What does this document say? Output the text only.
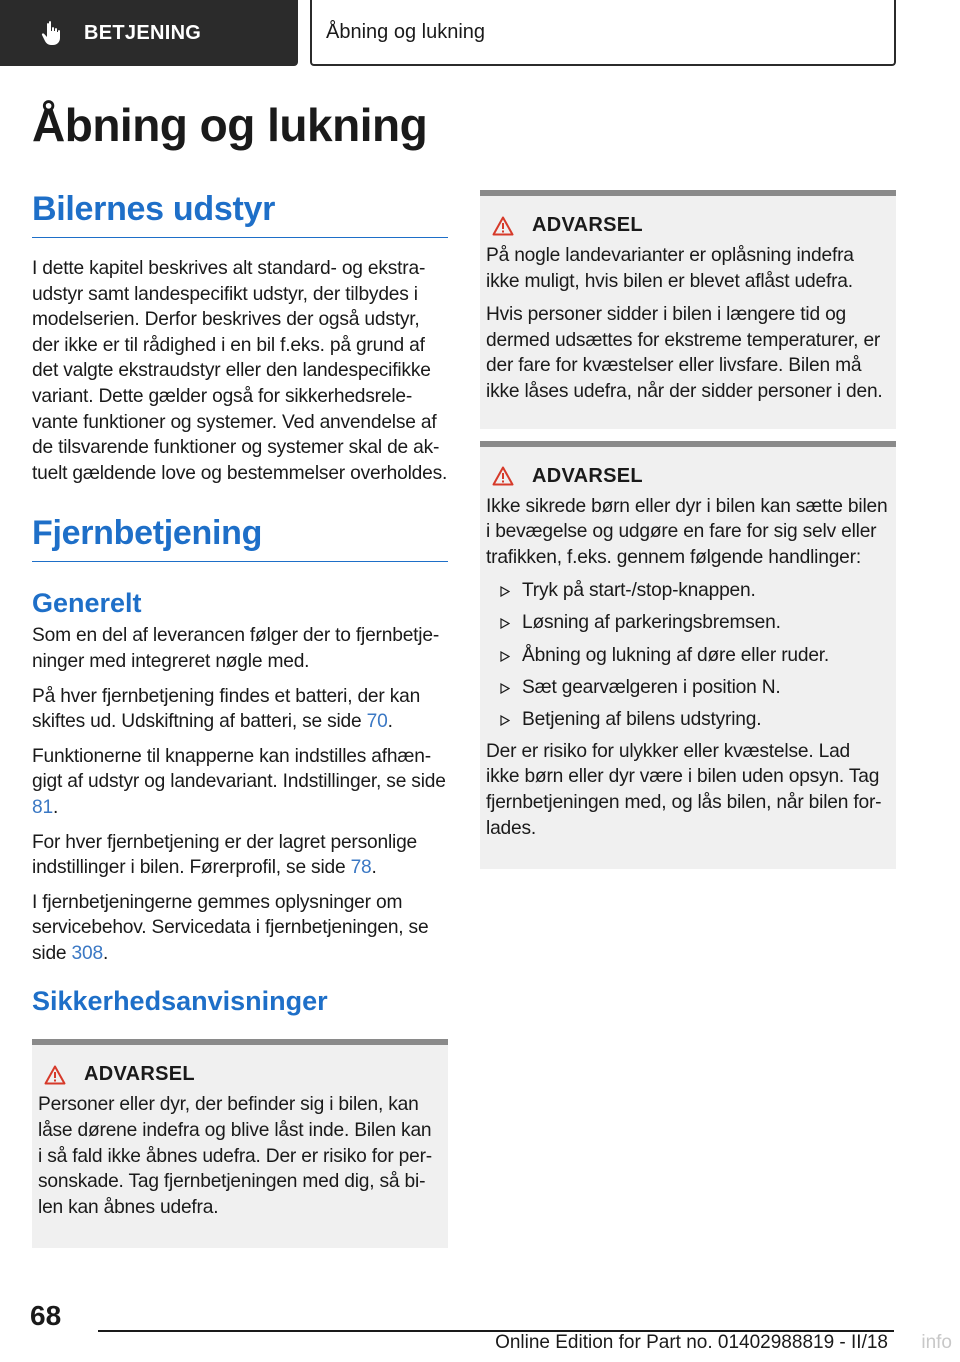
BETJENING	Åbning og lukning
Åbning og lukning
Bilernes udstyr

I dette kapitel beskrives alt standard- og ekstraudstyr samt landespecifikt udstyr, der tilbydes i modelserien. Derfor beskrives der også udstyr, der ikke er til rådighed i en bil f.eks. på grund af det valgte ekstraudstyr eller den landespecifikke variant. Dette gælder også for sikkerhedsrelevante funktioner og systemer. Ved anvendelse af de tilsvarende funktioner og systemer skal de aktuelt gældende love og bestemmelser overholdes.

Fjernbetjening
Generelt

Som en del af leverancen følger der to fjernbetjeninger med integreret nøgle med.

På hver fjernbetjening findes et batteri, der kan skiftes ud. Udskiftning af batteri, se side 70.

Funktionerne til knapperne kan indstilles afhængigt af udstyr og landevariant. Indstillinger, se side 81.

For hver fjernbetjening er der lagret personlige indstillinger i bilen. Førerprofil, se side 78.

I fjernbetjeningerne gemmes oplysninger om servicebehov. Servicedata i fjernbetjeningen, se side 308.

Sikkerhedsanvisninger
ADVARSEL

Personer eller dyr, der befinder sig i bilen, kan låse dørene indefra og blive låst inde. Bilen kan i så fald ikke åbnes udefra. Der er risiko for personskade. Tag fjernbetjeningen med dig, så bilen kan åbnes udefra.

ADVARSEL

På nogle landevarianter er oplåsning indefra ikke muligt, hvis bilen er blevet aflåst udefra.

Hvis personer sidder i bilen i længere tid og dermed udsættes for ekstreme temperaturer, er der fare for kvæstelser eller livsfare. Bilen må ikke låses udefra, når der sidder personer i den.

ADVARSEL

Ikke sikrede børn eller dyr i bilen kan sætte bilen i bevægelse og udgøre en fare for sig selv eller trafikken, f.eks. gennem følgende handlinger:

Tryk på start-/stop-knappen.
Løsning af parkeringsbremsen.
Åbning og lukning af døre eller ruder.
Sæt gearvælgeren i position N.
Betjening af bilens udstyring.

Der er risiko for ulykker eller kvæstelse. Lad ikke børn eller dyr være i bilen uden opsyn. Tag fjernbetjeningen med, og lås bilen, når bilen forlades.

68
Online Edition for Part no. 01402988819 - II/18 info
